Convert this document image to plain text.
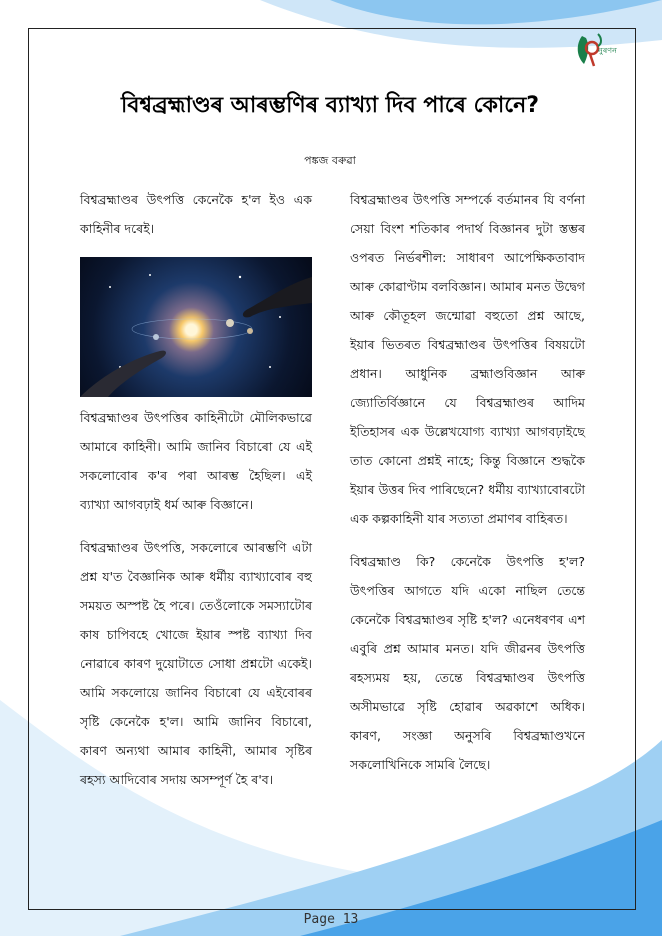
নুৰণন
বিশ্বব্ৰহ্মাণ্ডৰ আৰম্ভণিৰ ব্যাখ্যা দিব পাৰে কোনে?
পঙ্কজ বৰুৱা

বিশ্বব্ৰহ্মাণ্ডৰ উৎপত্তি কেনেকৈ হ'ল ইও এক কাহিনীৰ দৰেই।

বিশ্বব্ৰহ্মাণ্ডৰ উৎপত্তিৰ কাহিনীটো মৌলিকভাৱে আমাৰে কাহিনী। আমি জানিব বিচাৰো যে এই সকলোবোৰ ক'ৰ পৰা আৰম্ভ হৈছিল। এই ব্যাখ্যা আগবঢ়াই ধৰ্ম আৰু বিজ্ঞানে।

বিশ্বব্ৰহ্মাণ্ডৰ উৎপত্তি, সকলোৰে আৰম্ভণি এটা প্ৰশ্ন য'ত বৈজ্ঞানিক আৰু ধৰ্মীয় ব্যাখ্যাবোৰ বহু সময়ত অস্পষ্ট হৈ পৰে। তেওঁলোকে সমস্যাটোৰ কাষ চাপিবহে খোজে ইয়াৰ স্পষ্ট ব্যাখ্যা দিব নোৱাৰে কাৰণ দুয়োটাতে সোধা প্ৰশ্নটো একেই। আমি সকলোয়ে জানিব বিচাৰো যে এইবোৰৰ সৃষ্টি কেনেকৈ হ'ল। আমি জানিব বিচাৰো, কাৰণ অন্যথা আমাৰ কাহিনী, আমাৰ সৃষ্টিৰ ৰহস্য আদিবোৰ সদায় অসম্পূৰ্ণ হৈ ৰ'ব।

বিশ্বব্ৰহ্মাণ্ডৰ উৎপত্তি সম্পৰ্কে বৰ্তমানৰ যি বৰ্ণনা সেয়া বিংশ শতিকাৰ পদাৰ্থ বিজ্ঞানৰ দুটা স্তম্ভৰ ওপৰত নিৰ্ভৰশীল: সাধাৰণ আপেক্ষিকতাবাদ আৰু কোৱাণ্টাম বলবিজ্ঞান। আমাৰ মনত উদ্বেগ আৰু কৌতূহল জন্মোৱা বহুতো প্ৰশ্ন আছে, ইয়াৰ ভিতৰত বিশ্বব্ৰহ্মাণ্ডৰ উৎপত্তিৰ বিষয়টো প্ৰধান। আধুনিক ব্ৰহ্মাণ্ডবিজ্ঞান আৰু জ্যোতিৰ্বিজ্ঞানে যে বিশ্বব্ৰহ্মাণ্ডৰ আদিম ইতিহাসৰ এক উল্লেখযোগ্য ব্যাখ্যা আগবঢ়াইছে তাত কোনো প্ৰশ্নই নাহে; কিন্তু বিজ্ঞানে শুদ্ধকৈ ইয়াৰ উত্তৰ দিব পাৰিছেনে? ধৰ্মীয় ব্যাখ্যাবোৰটো এক কল্পকাহিনী যাৰ সত্যতা প্ৰমাণৰ বাহিৰত।

বিশ্বব্ৰহ্মাণ্ড কি? কেনেকৈ উৎপত্তি হ'ল? উৎপত্তিৰ আগতে যদি একো নাছিল তেন্তে কেনেকৈ বিশ্বব্ৰহ্মাণ্ডৰ সৃষ্টি হ'ল? এনেধৰণৰ এশ এবুৰি প্ৰশ্ন আমাৰ মনত। যদি জীৱনৰ উৎপত্তি ৰহস্যময় হয়, তেন্তে বিশ্বব্ৰহ্মাণ্ডৰ উৎপত্তি অসীমভাৱে সৃষ্টি হোৱাৰ অৱকাশে অধিক। কাৰণ, সংজ্ঞা অনুসৰি বিশ্বব্ৰহ্মাণ্ডখনে সকলোখিনিকে সামৰি লৈছে।

Page 13
